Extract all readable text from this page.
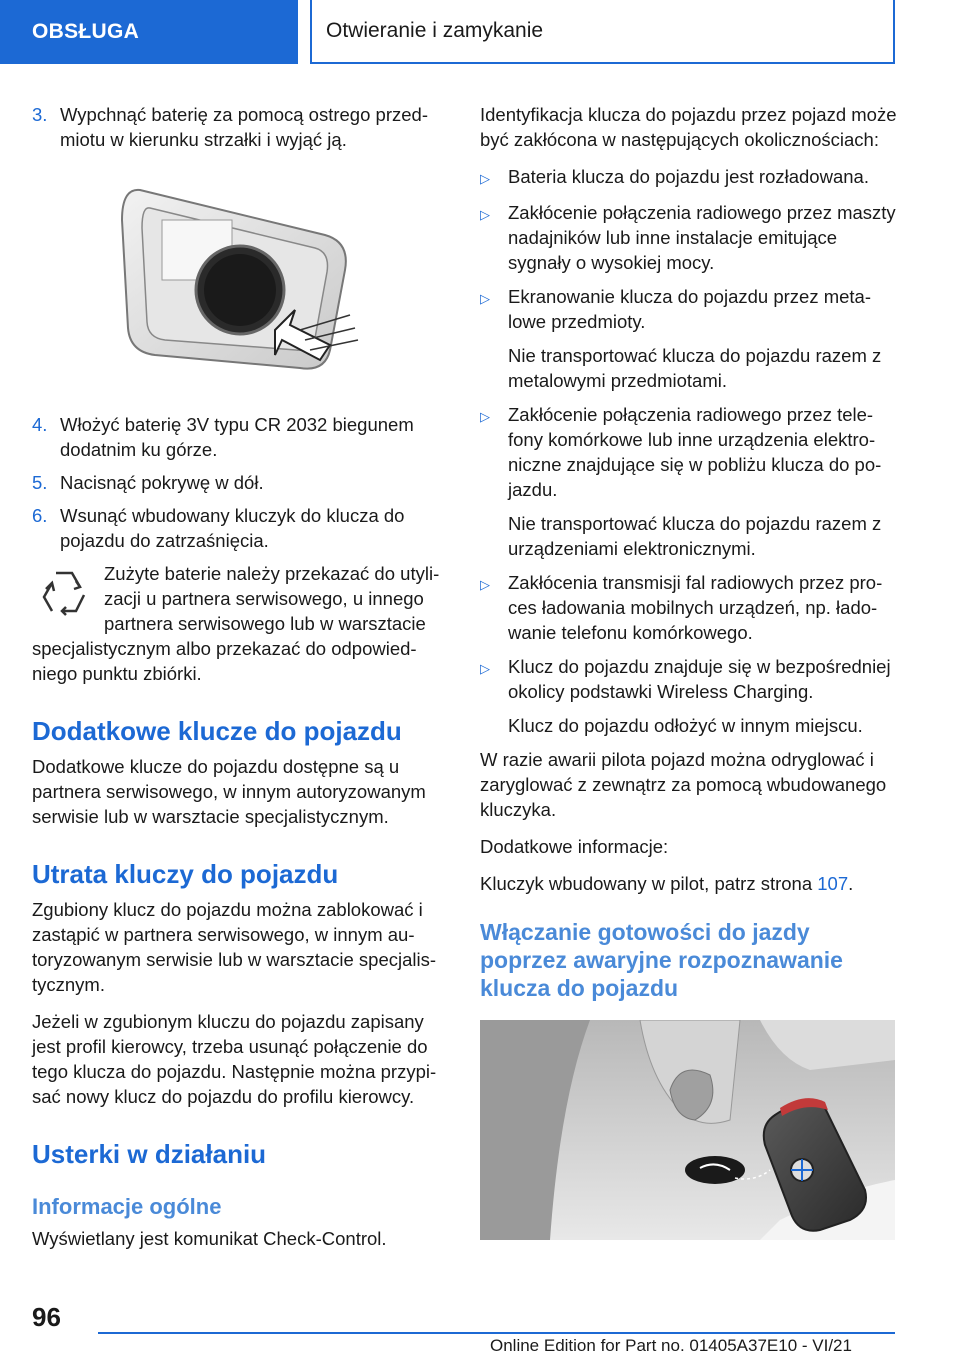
OBSŁUGA	Otwieranie i zamykanie
3. Wypchnąć baterię za pomocą ostrego przedmiotu w kierunku strzałki i wyjąć ją.
4. Włożyć baterię 3V typu CR 2032 biegunem dodatnim ku górze.
5. Nacisnąć pokrywę w dół.
6. Wsunąć wbudowany kluczyk do klucza do pojazdu do zatrzaśnięcia.
Zużyte baterie należy przekazać do utylizacji u partnera serwisowego, u innego partnera serwisowego lub w warsztacie specjalistycznym albo przekazać do odpowiedniego punktu zbiórki.
Dodatkowe klucze do pojazdu

Dodatkowe klucze do pojazdu dostępne są u partnera serwisowego, w innym autoryzowanym serwisie lub w warsztacie specjalistycznym.

Utrata kluczy do pojazdu

Zgubiony klucz do pojazdu można zablokować i zastąpić w partnera serwisowego, w innym autoryzowanym serwisie lub w warsztacie specjalistycznym.

Jeżeli w zgubionym kluczu do pojazdu zapisany jest profil kierowcy, trzeba usunąć połączenie do tego klucza do pojazdu. Następnie można przypisać nowy klucz do pojazdu do profilu kierowcy.

Usterki w działaniu
Informacje ogólne

Wyświetlany jest komunikat Check-Control.

Identyfikacja klucza do pojazdu przez pojazd może być zakłócona w następujących okolicznościach:

▷ Bateria klucza do pojazdu jest rozładowana.
▷ Zakłócenie połączenia radiowego przez maszty nadajników lub inne instalacje emitujące sygnały o wysokiej mocy.
▷ Ekranowanie klucza do pojazdu przez metalowe przedmioty.
Nie transportować klucza do pojazdu razem z metalowymi przedmiotami.
▷ Zakłócenie połączenia radiowego przez telefony komórkowe lub inne urządzenia elektroniczne znajdujące się w pobliżu klucza do pojazdu.
Nie transportować klucza do pojazdu razem z urządzeniami elektronicznymi.
▷ Zakłócenia transmisji fal radiowych przez proces ładowania mobilnych urządzeń, np. ładowanie telefonu komórkowego.
▷ Klucz do pojazdu znajduje się w bezpośredniej okolicy podstawki Wireless Charging.
Klucz do pojazdu odłożyć w innym miejscu.

W razie awarii pilota pojazd można odryglować i zaryglować z zewnątrz za pomocą wbudowanego kluczyka.

Dodatkowe informacje:

Kluczyk wbudowany w pilot, patrz strona 107.

Włączanie gotowości do jazdy poprzez awaryjne rozpoznawanie klucza do pojazdu
96
Online Edition for Part no. 01405A37E10 - VI/21
